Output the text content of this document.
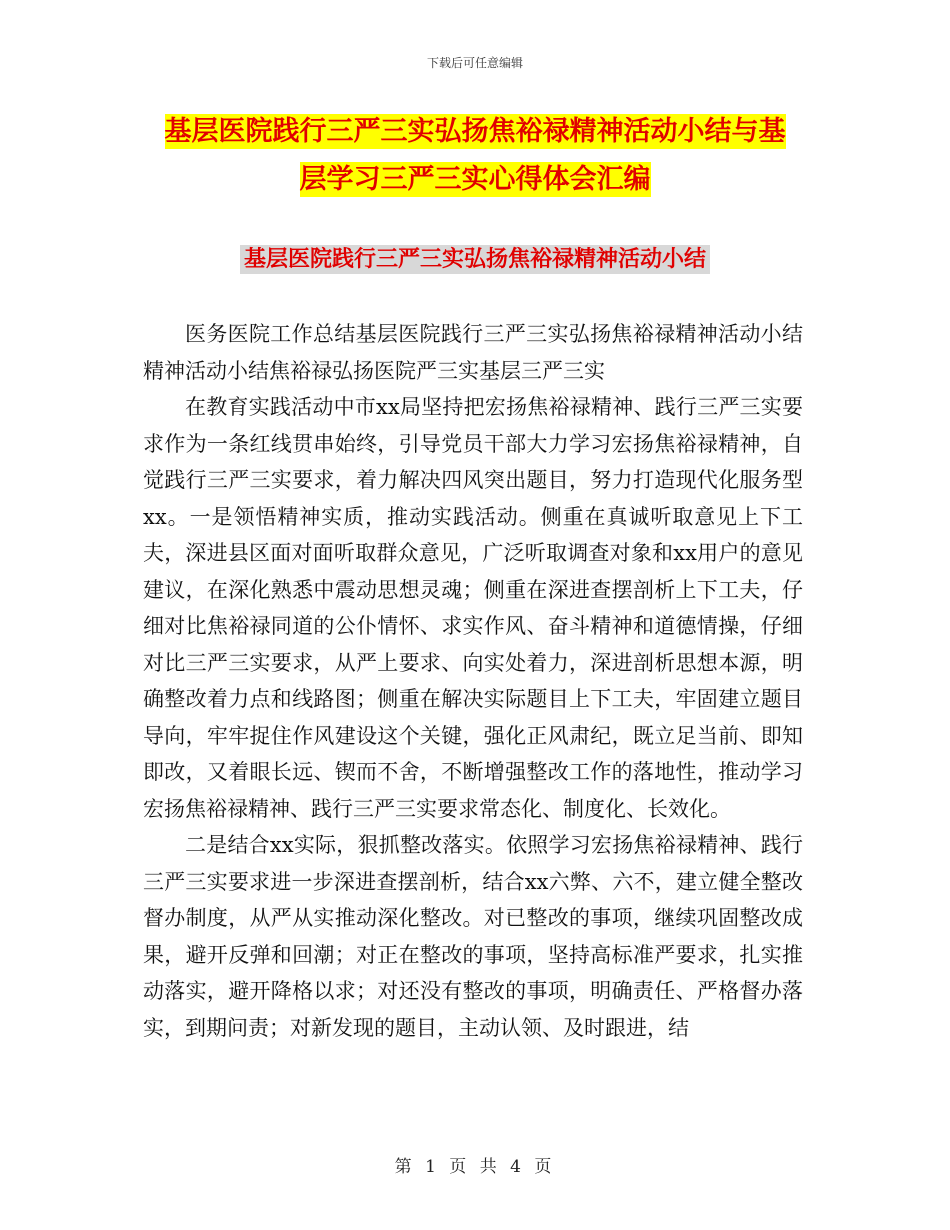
下载后可任意编辑
基层医院践行三严三实弘扬焦裕禄精神活动小结与基
层学习三严三实心得体会汇编
基层医院践行三严三实弘扬焦裕禄精神活动小结

医务医院工作总结基层医院践行三严三实弘扬焦裕禄精神活动小结精神活动小结焦裕禄弘扬医院严三实基层三严三实

在教育实践活动中市xx局坚持把宏扬焦裕禄精神、践行三严三实要求作为一条红线贯串始终，引导党员干部大力学习宏扬焦裕禄精神，自觉践行三严三实要求，着力解决四风突出题目，努力打造现代化服务型xx。一是领悟精神实质，推动实践活动。侧重在真诚听取意见上下工夫，深进县区面对面听取群众意见，广泛听取调查对象和xx用户的意见建议，在深化熟悉中震动思想灵魂；侧重在深进查摆剖析上下工夫，仔细对比焦裕禄同道的公仆情怀、求实作风、奋斗精神和道德情操，仔细对比三严三实要求，从严上要求、向实处着力，深进剖析思想本源，明确整改着力点和线路图；侧重在解决实际题目上下工夫，牢固建立题目导向，牢牢捉住作风建设这个关键，强化正风肃纪，既立足当前、即知即改，又着眼长远、锲而不舍，不断增强整改工作的落地性，推动学习宏扬焦裕禄精神、践行三严三实要求常态化、制度化、长效化。

二是结合xx实际，狠抓整改落实。依照学习宏扬焦裕禄精神、践行三严三实要求进一步深进查摆剖析，结合xx六弊、六不，建立健全整改督办制度，从严从实推动深化整改。对已整改的事项，继续巩固整改成果，避开反弹和回潮；对正在整改的事项，坚持高标准严要求，扎实推动落实，避开降格以求；对还没有整改的事项，明确责任、严格督办落实，到期问责；对新发现的题目，主动认领、及时跟进，结

第 1 页 共 4 页
